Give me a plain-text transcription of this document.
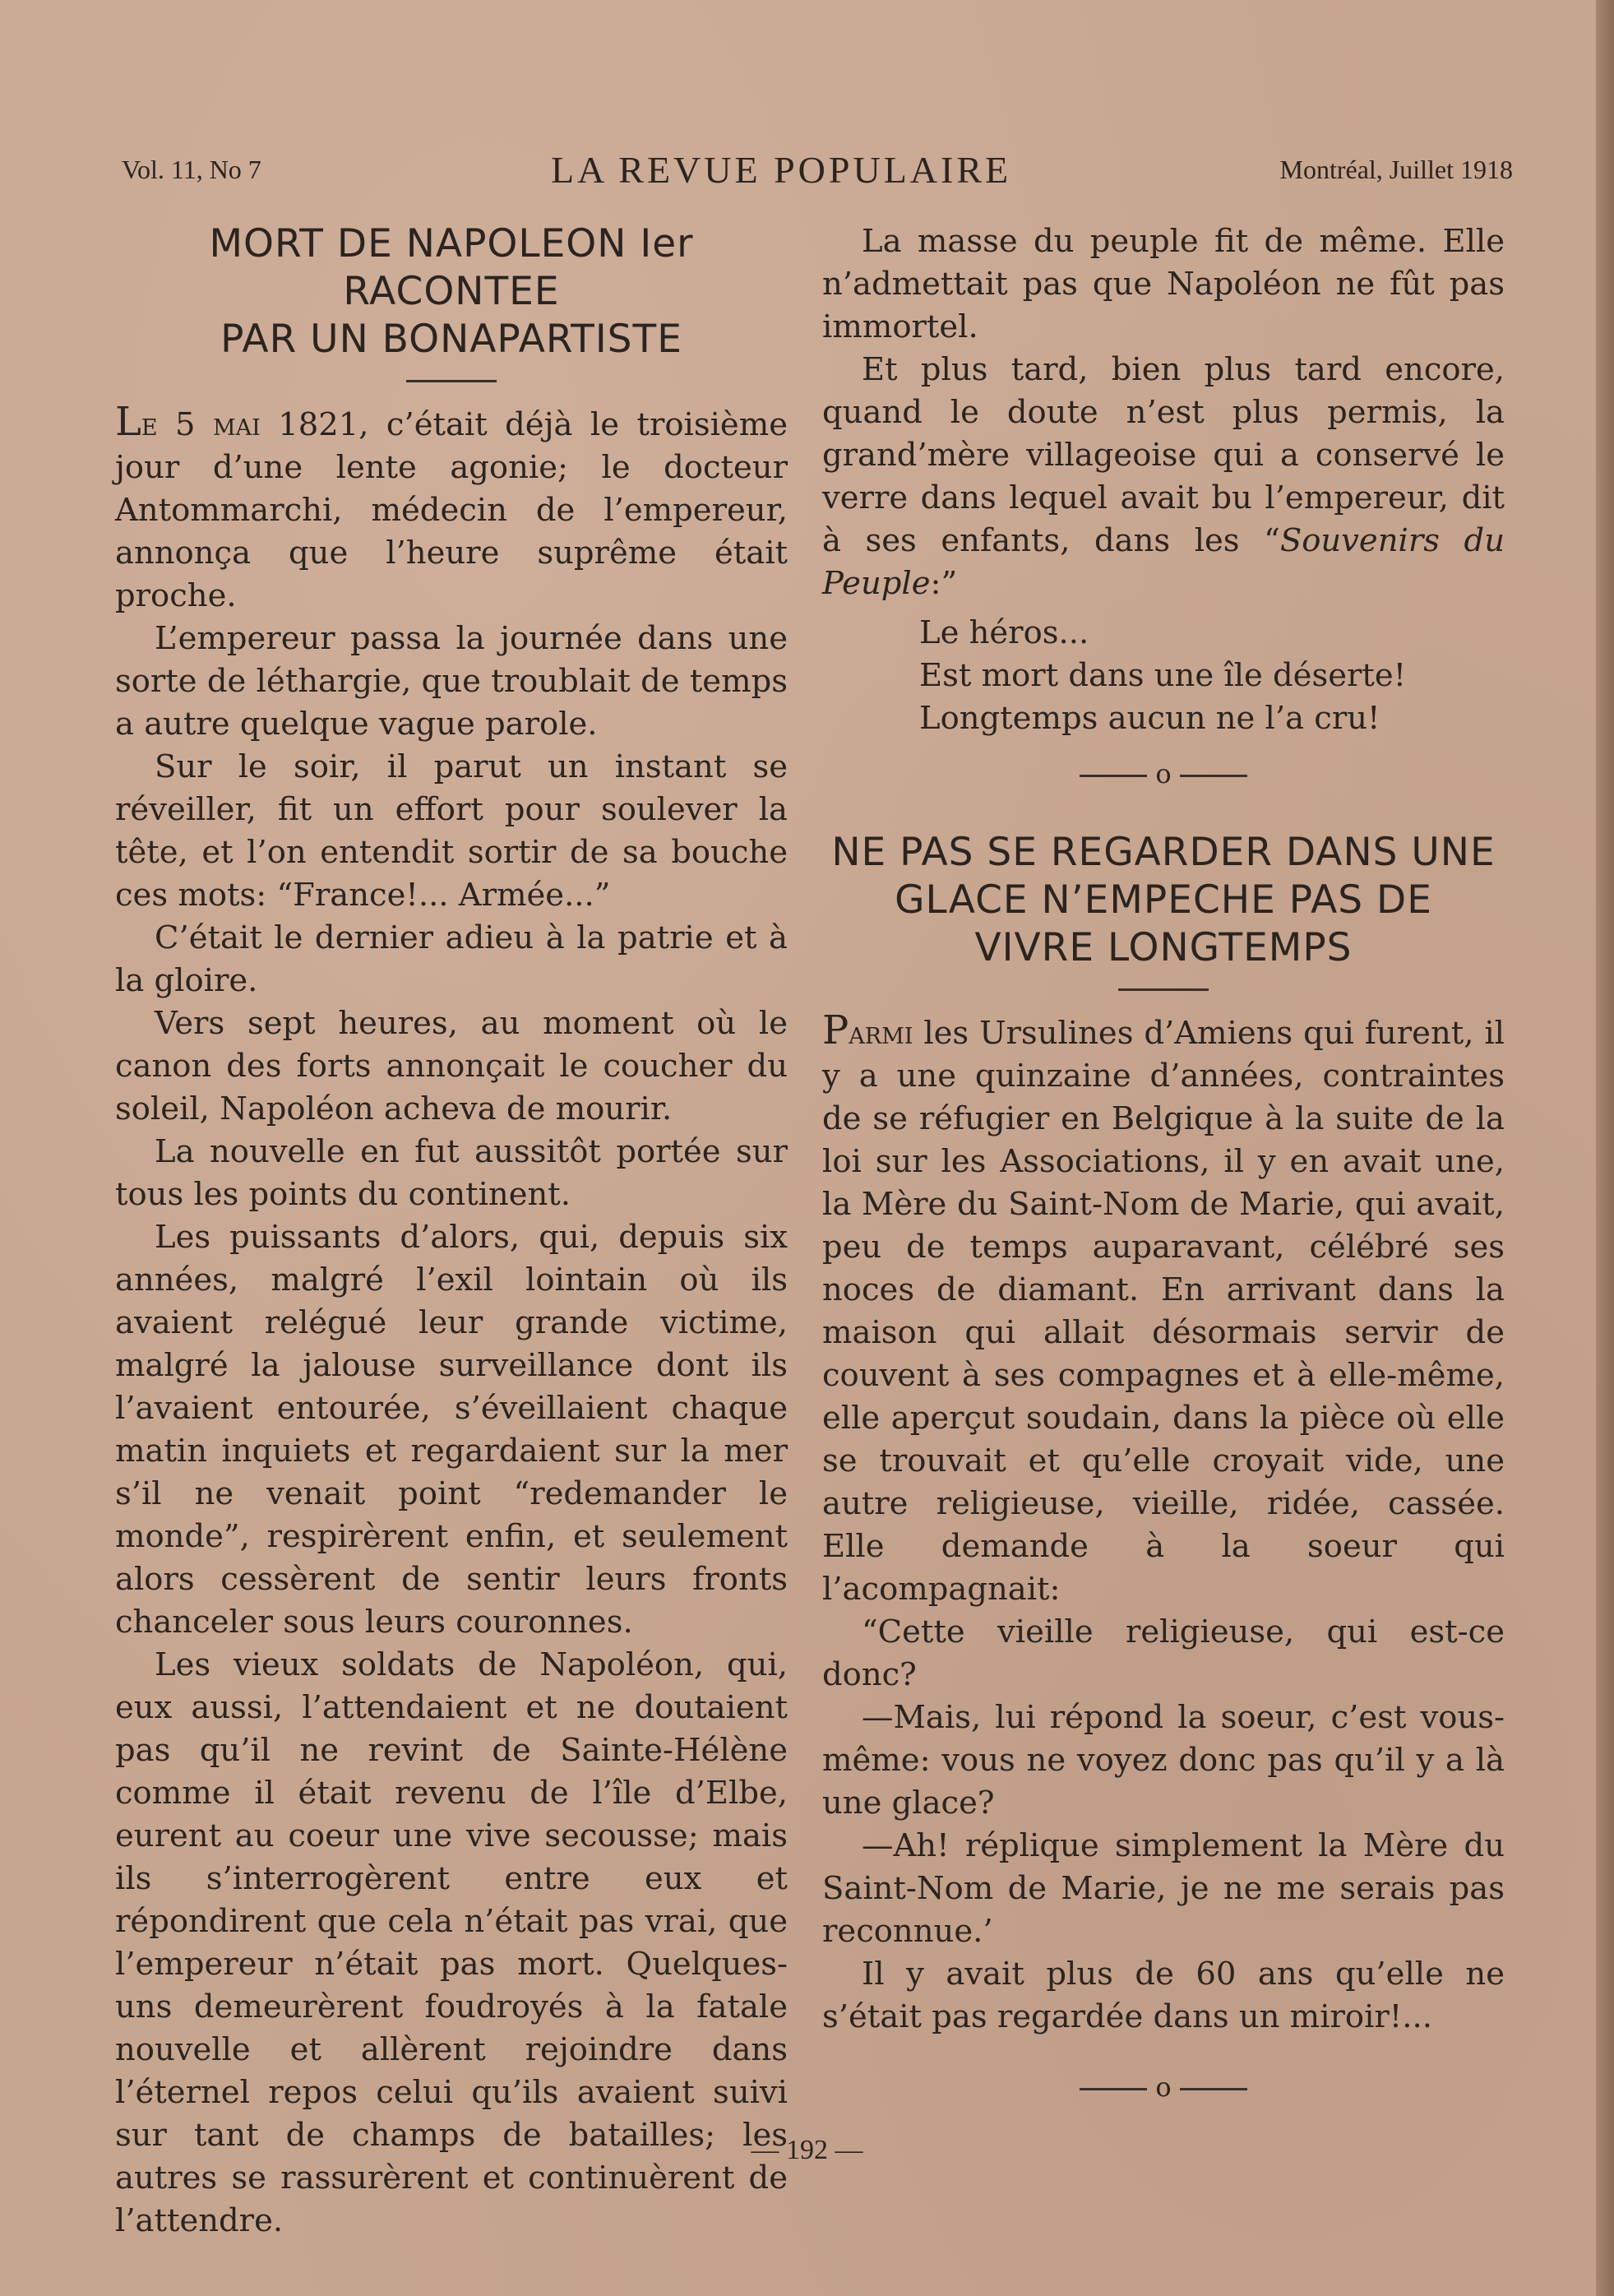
Vol. 11, No 7	LA REVUE POPULAIRE	Montréal, Juillet 1918
MORT DE NAPOLEON Ier RACONTEE
PAR UN BONAPARTISTE

Le 5 mai 1821, c’était déjà le troisième jour d’une lente agonie; le docteur Antommarchi, médecin de l’empereur, annonça que l’heure suprême était proche.

L’empereur passa la journée dans une sorte de léthargie, que troublait de temps a autre quelque vague parole.

Sur le soir, il parut un instant se réveiller, fit un effort pour soulever la tête, et l’on entendit sortir de sa bouche ces mots: “France!... Armée...”

C’était le dernier adieu à la patrie et à la gloire.

Vers sept heures, au moment où le canon des forts annonçait le coucher du soleil, Napoléon acheva de mourir.

La nouvelle en fut aussitôt portée sur tous les points du continent.

Les puissants d’alors, qui, depuis six années, malgré l’exil lointain où ils avaient relégué leur grande victime, malgré la jalouse surveillance dont ils l’avaient entourée, s’éveillaient chaque matin inquiets et regardaient sur la mer s’il ne venait point “redemander le monde”, respirèrent enfin, et seulement alors cessèrent de sentir leurs fronts chanceler sous leurs couronnes.

Les vieux soldats de Napoléon, qui, eux aussi, l’attendaient et ne doutaient pas qu’il ne revint de Sainte-Hélène comme il était revenu de l’île d’Elbe, eurent au coeur une vive secousse; mais ils s’interrogèrent entre eux et répondirent que cela n’était pas vrai, que l’empereur n’était pas mort. Quelques-uns demeurèrent foudroyés à la fatale nouvelle et allèrent rejoindre dans l’éternel repos celui qu’ils avaient suivi sur tant de champs de batailles; les autres se rassurèrent et continuèrent de l’attendre.

La masse du peuple fit de même. Elle n’admettait pas que Napoléon ne fût pas immortel.

Et plus tard, bien plus tard encore, quand le doute n’est plus permis, la grand’mère villageoise qui a conservé le verre dans lequel avait bu l’empereur, dit à ses enfants, dans les “Souvenirs du Peuple:”

Le héros...
Est mort dans une île déserte!
Longtemps aucun ne l’a cru!
o
NE PAS SE REGARDER DANS UNE
GLACE N’EMPECHE PAS DE
VIVRE LONGTEMPS

Parmi les Ursulines d’Amiens qui furent, il y a une quinzaine d’années, contraintes de se réfugier en Belgique à la suite de la loi sur les Associations, il y en avait une, la Mère du Saint-Nom de Marie, qui avait, peu de temps auparavant, célébré ses noces de diamant. En arrivant dans la maison qui allait désormais servir de couvent à ses compagnes et à elle-même, elle aperçut soudain, dans la pièce où elle se trouvait et qu’elle croyait vide, une autre religieuse, vieille, ridée, cassée. Elle demande à la soeur qui l’acompagnait:

“Cette vieille religieuse, qui est-ce donc?

—Mais, lui répond la soeur, c’est vous-même: vous ne voyez donc pas qu’il y a là une glace?

—Ah! réplique simplement la Mère du Saint-Nom de Marie, je ne me serais pas reconnue.’

Il y avait plus de 60 ans qu’elle ne s’était pas regardée dans un miroir!...

o
— 192 —
